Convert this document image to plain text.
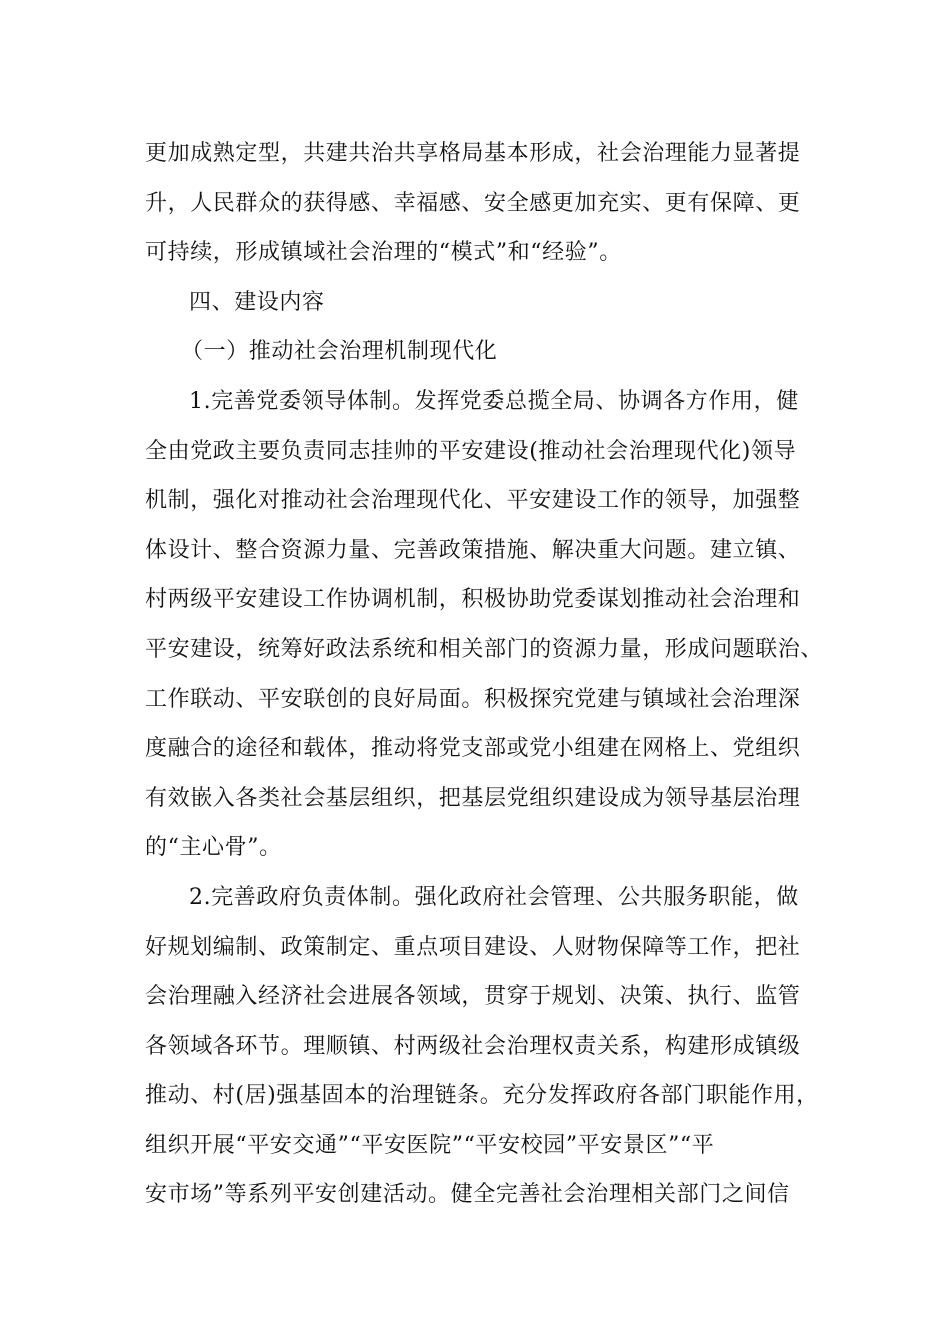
更加成熟定型，共建共治共享格局基本形成，社会治理能力显著提
升，人民群众的获得感、幸福感、安全感更加充实、更有保障、更
可持续，形成镇域社会治理的“模式”和“经验”。
四、建设内容
（一）推动社会治理机制现代化
1.完善党委领导体制。发挥党委总揽全局、协调各方作用，健
全由党政主要负责同志挂帅的平安建设(推动社会治理现代化)领导
机制，强化对推动社会治理现代化、平安建设工作的领导，加强整
体设计、整合资源力量、完善政策措施、解决重大问题。建立镇、
村两级平安建设工作协调机制，积极协助党委谋划推动社会治理和
平安建设，统筹好政法系统和相关部门的资源力量，形成问题联治、
工作联动、平安联创的良好局面。积极探究党建与镇域社会治理深
度融合的途径和载体，推动将党支部或党小组建在网格上、党组织
有效嵌入各类社会基层组织，把基层党组织建设成为领导基层治理
的“主心骨”。
2.完善政府负责体制。强化政府社会管理、公共服务职能，做
好规划编制、政策制定、重点项目建设、人财物保障等工作，把社
会治理融入经济社会进展各领域，贯穿于规划、决策、执行、监管
各领域各环节。理顺镇、村两级社会治理权责关系，构建形成镇级
推动、村(居)强基固本的治理链条。充分发挥政府各部门职能作用，
组织开展“平安交通”“平安医院”“平安校园”平安景区”“平
安市场”等系列平安创建活动。健全完善社会治理相关部门之间信
